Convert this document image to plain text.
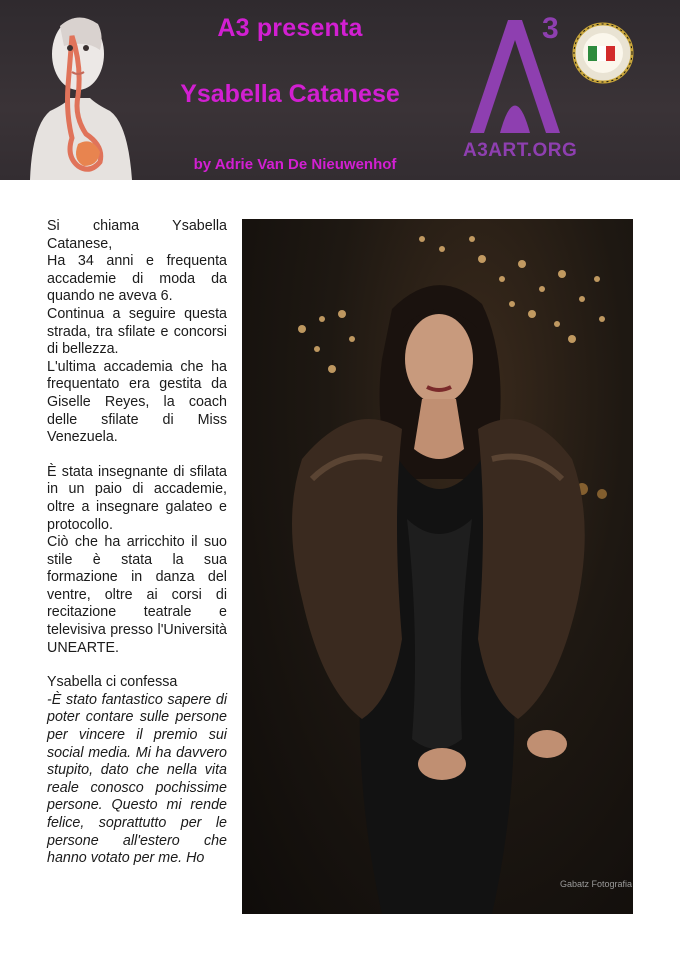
A3 presenta
Ysabella Catanese
by Adrie Van De Nieuwenhof
3
A3ART.ORG

Si chiama Ysabella Catanese,

Ha 34 anni e frequenta accademie di moda da quando ne aveva 6.

Continua a seguire questa strada, tra sfilate e concorsi di bellezza.

L'ultima accademia che ha frequentato era gestita da Giselle Reyes, la coach delle sfilate di Miss Venezuela.

È stata insegnante di sfilata in un paio di accademie, oltre a insegnare galateo e protocollo.

Ciò che ha arricchito il suo stile è stata la sua formazione in danza del ventre, oltre ai corsi di recitazione teatrale e televisiva presso l'Università UNEARTE.

Ysabella ci confessa

-È stato fantastico sapere di poter contare sulle persone per vincere il premio sui social media. Mi ha davvero stupito, dato che nella vita reale conosco pochissime persone. Questo mi rende felice, soprattutto per le persone all'estero che hanno votato per me. Ho

Gabatz Fotografia
